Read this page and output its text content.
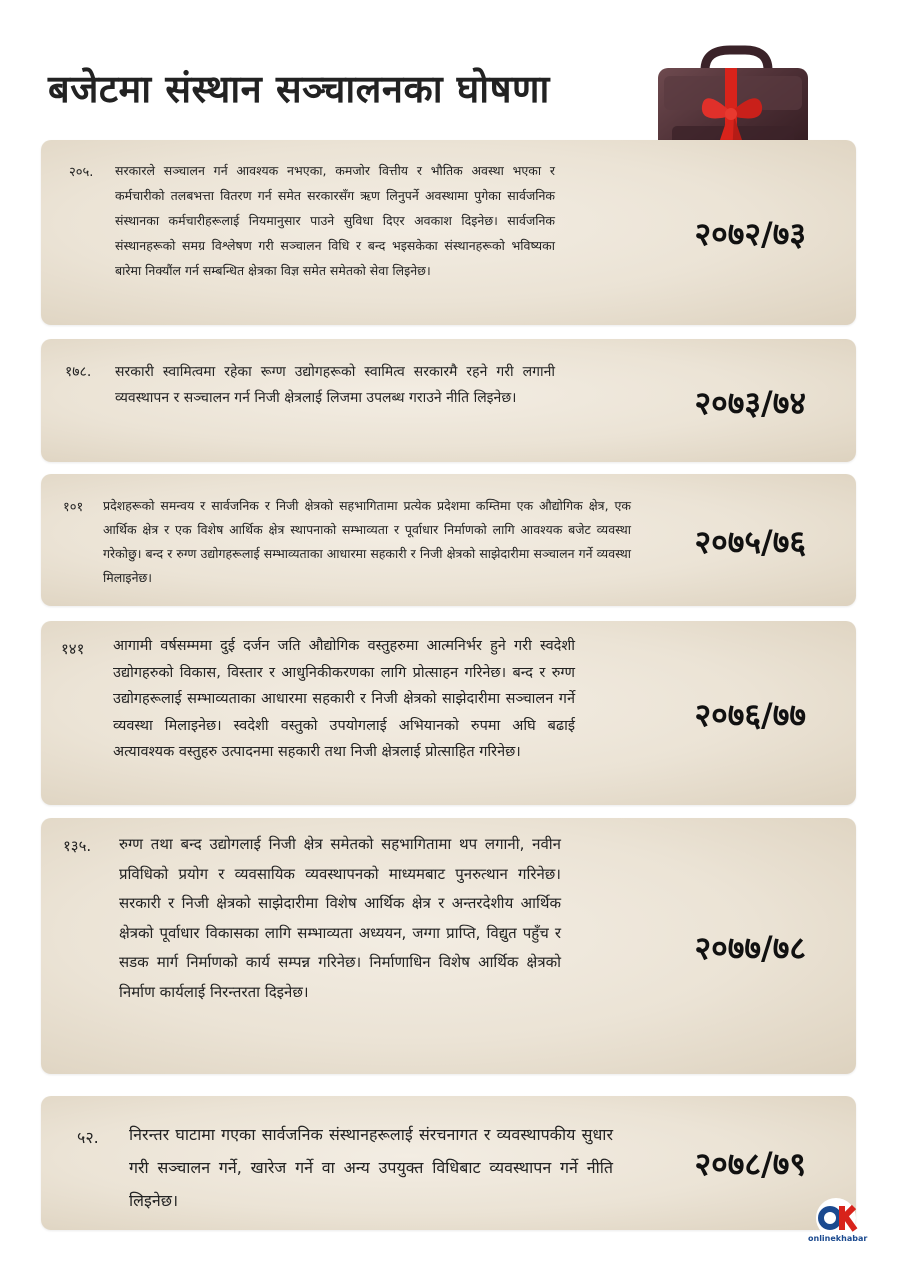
बजेटमा संस्थान सञ्चालनका घोषणा
२०५. सरकारले सञ्चालन गर्न आवश्यक नभएका, कमजोर वित्तीय र भौतिक अवस्था भएका र कर्मचारीको तलबभत्ता वितरण गर्न समेत सरकारसँग ऋण लिनुपर्ने अवस्थामा पुगेका सार्वजनिक संस्थानका कर्मचारीहरूलाई नियमानुसार पाउने सुविधा दिएर अवकाश दिइनेछ। सार्वजनिक संस्थानहरूको समग्र विश्लेषण गरी सञ्चालन विधि र बन्द भइसकेका संस्थानहरूको भविष्यका बारेमा निक्यौंल गर्न सम्बन्धित क्षेत्रका विज्ञ समेत समेतको सेवा लिइनेछ।

२०७२/७३
१७८. सरकारी स्वामित्वमा रहेका रूग्ण उद्योगहरूको स्वामित्व सरकारमै रहने गरी लगानी व्यवस्थापन र सञ्चालन गर्न निजी क्षेत्रलाई लिजमा उपलब्ध गराउने नीति लिइनेछ।	२०७३/७४
१०१ प्रदेशहरूको समन्वय र सार्वजनिक र निजी क्षेत्रको सहभागितामा प्रत्येक प्रदेशमा कम्तिमा एक औद्योगिक क्षेत्र, एक आर्थिक क्षेत्र र एक विशेष आर्थिक क्षेत्र स्थापनाको सम्भाव्यता र पूर्वाधार निर्माणको लागि आवश्यक बजेट व्यवस्था गरेकोछु। बन्द र रुग्ण उद्योगहरूलाई सम्भाव्यताका आधारमा सहकारी र निजी क्षेत्रको साझेदारीमा सञ्चालन गर्ने व्यवस्था मिलाइनेछ।

२०७५/७६
१४१ आगामी वर्षसम्ममा दुई दर्जन जति औद्योगिक वस्तुहरुमा आत्मनिर्भर हुने गरी स्वदेशी उद्योगहरुको विकास, विस्तार र आधुनिकीकरणका लागि प्रोत्साहन गरिनेछ। बन्द र रुग्ण उद्योगहरूलाई सम्भाव्यताका आधारमा सहकारी र निजी क्षेत्रको साझेदारीमा सञ्चालन गर्ने व्यवस्था मिलाइनेछ। स्वदेशी वस्तुको उपयोगलाई अभियानको रुपमा अघि बढाई अत्यावश्यक वस्तुहरु उत्पादनमा सहकारी तथा निजी क्षेत्रलाई प्रोत्साहित गरिनेछ।

२०७६/७७
१३५. रुग्ण तथा बन्द उद्योगलाई निजी क्षेत्र समेतको सहभागितामा थप लगानी, नवीन प्रविधिको प्रयोग र व्यवसायिक व्यवस्थापनको माध्यमबाट पुनरुत्थान गरिनेछ। सरकारी र निजी क्षेत्रको साझेदारीमा विशेष आर्थिक क्षेत्र र अन्तरदेशीय आर्थिक क्षेत्रको पूर्वाधार विकासका लागि सम्भाव्यता अध्ययन, जग्गा प्राप्ति, विद्युत पहुँच र सडक मार्ग निर्माणको कार्य सम्पन्न गरिनेछ। निर्माणाधिन विशेष आर्थिक क्षेत्रको निर्माण कार्यलाई निरन्तरता दिइनेछ।

२०७७/७८
५२. निरन्तर घाटामा गएका सार्वजनिक संस्थानहरूलाई संरचनागत र व्यवस्थापकीय सुधार गरी सञ्चालन गर्ने, खारेज गर्ने वा अन्य उपयुक्त विधिबाट व्यवस्थापन गर्ने नीति लिइनेछ।

२०७८/७९
onlinekhabar
